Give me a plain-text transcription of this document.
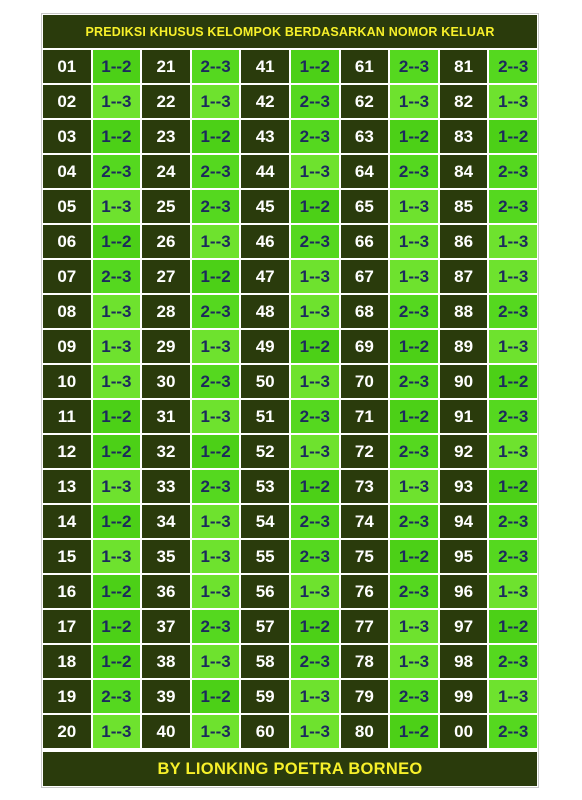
PREDIKSI KHUSUS KELOMPOK BERDASARKAN NOMOR KELUAR
01	1--2	21	2--3	41	1--2	61	2--3	81	2--3
02	1--3	22	1--3	42	2--3	62	1--3	82	1--3
03	1--2	23	1--2	43	2--3	63	1--2	83	1--2
04	2--3	24	2--3	44	1--3	64	2--3	84	2--3
05	1--3	25	2--3	45	1--2	65	1--3	85	2--3
06	1--2	26	1--3	46	2--3	66	1--3	86	1--3
07	2--3	27	1--2	47	1--3	67	1--3	87	1--3
08	1--3	28	2--3	48	1--3	68	2--3	88	2--3
09	1--3	29	1--3	49	1--2	69	1--2	89	1--3
10	1--3	30	2--3	50	1--3	70	2--3	90	1--2
11	1--2	31	1--3	51	2--3	71	1--2	91	2--3
12	1--2	32	1--2	52	1--3	72	2--3	92	1--3
13	1--3	33	2--3	53	1--2	73	1--3	93	1--2
14	1--2	34	1--3	54	2--3	74	2--3	94	2--3
15	1--3	35	1--3	55	2--3	75	1--2	95	2--3
16	1--2	36	1--3	56	1--3	76	2--3	96	1--3
17	1--2	37	2--3	57	1--2	77	1--3	97	1--2
18	1--2	38	1--3	58	2--3	78	1--3	98	2--3
19	2--3	39	1--2	59	1--3	79	2--3	99	1--3
20	1--3	40	1--3	60	1--3	80	1--2	00	2--3
BY LIONKING POETRA BORNEO
